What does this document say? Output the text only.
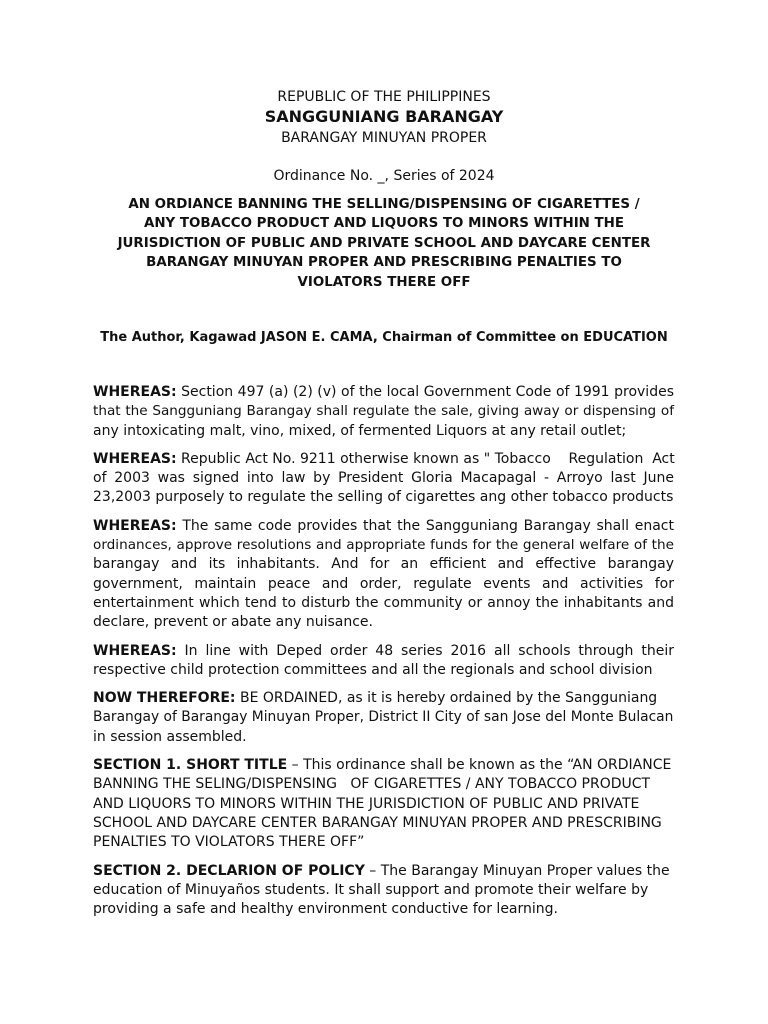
REPUBLIC OF THE PHILIPPINES

SANGGUNIANG BARANGAY

BARANGAY MINUYAN PROPER

Ordinance No. _, Series of 2024

AN ORDIANCE BANNING THE SELLING/DISPENSING OF CIGARETTES /

ANY TOBACCO PRODUCT AND LIQUORS TO MINORS WITHIN THE

JURISDICTION OF PUBLIC AND PRIVATE SCHOOL AND DAYCARE CENTER

BARANGAY MINUYAN PROPER AND PRESCRIBING PENALTIES TO

VIOLATORS THERE OFF

The Author, Kagawad JASON E. CAMA, Chairman of Committee on EDUCATION

WHEREAS: Section 497 (a) (2) (v) of the local Government Code of 1991 provides
that the Sangguniang Barangay shall regulate the sale, giving away or dispensing of
any intoxicating malt, vino, mixed, of fermented Liquors at any retail outlet;
WHEREAS: Republic Act No. 9211 otherwise known as " Tobacco    Regulation  Act
of 2003 was signed into law by President Gloria Macapagal - Arroyo last June
23,2003 purposely to regulate the selling of cigarettes ang other tobacco products
WHEREAS: The same code provides that the Sangguniang Barangay shall enact
ordinances, approve resolutions and appropriate funds for the general welfare of the
barangay and its inhabitants. And for an efficient and effective barangay
government, maintain peace and order, regulate events and activities for
entertainment which tend to disturb the community or annoy the inhabitants and
declare, prevent or abate any nuisance.
WHEREAS: In line with Deped order 48 series 2016 all schools through their
respective child protection committees and all the regionals and school division
NOW THEREFORE: BE ORDAINED, as it is hereby ordained by the Sangguniang
Barangay of Barangay Minuyan Proper, District II City of san Jose del Monte Bulacan
in session assembled.
SECTION 1. SHORT TITLE – This ordinance shall be known as the “AN ORDIANCE
BANNING THE SELING/DISPENSING   OF CIGARETTES / ANY TOBACCO PRODUCT
AND LIQUORS TO MINORS WITHIN THE JURISDICTION OF PUBLIC AND PRIVATE
SCHOOL AND DAYCARE CENTER BARANGAY MINUYAN PROPER AND PRESCRIBING
PENALTIES TO VIOLATORS THERE OFF”
SECTION 2. DECLARION OF POLICY – The Barangay Minuyan Proper values the
education of Minuyaños students. It shall support and promote their welfare by
providing a safe and healthy environment conductive for learning.
